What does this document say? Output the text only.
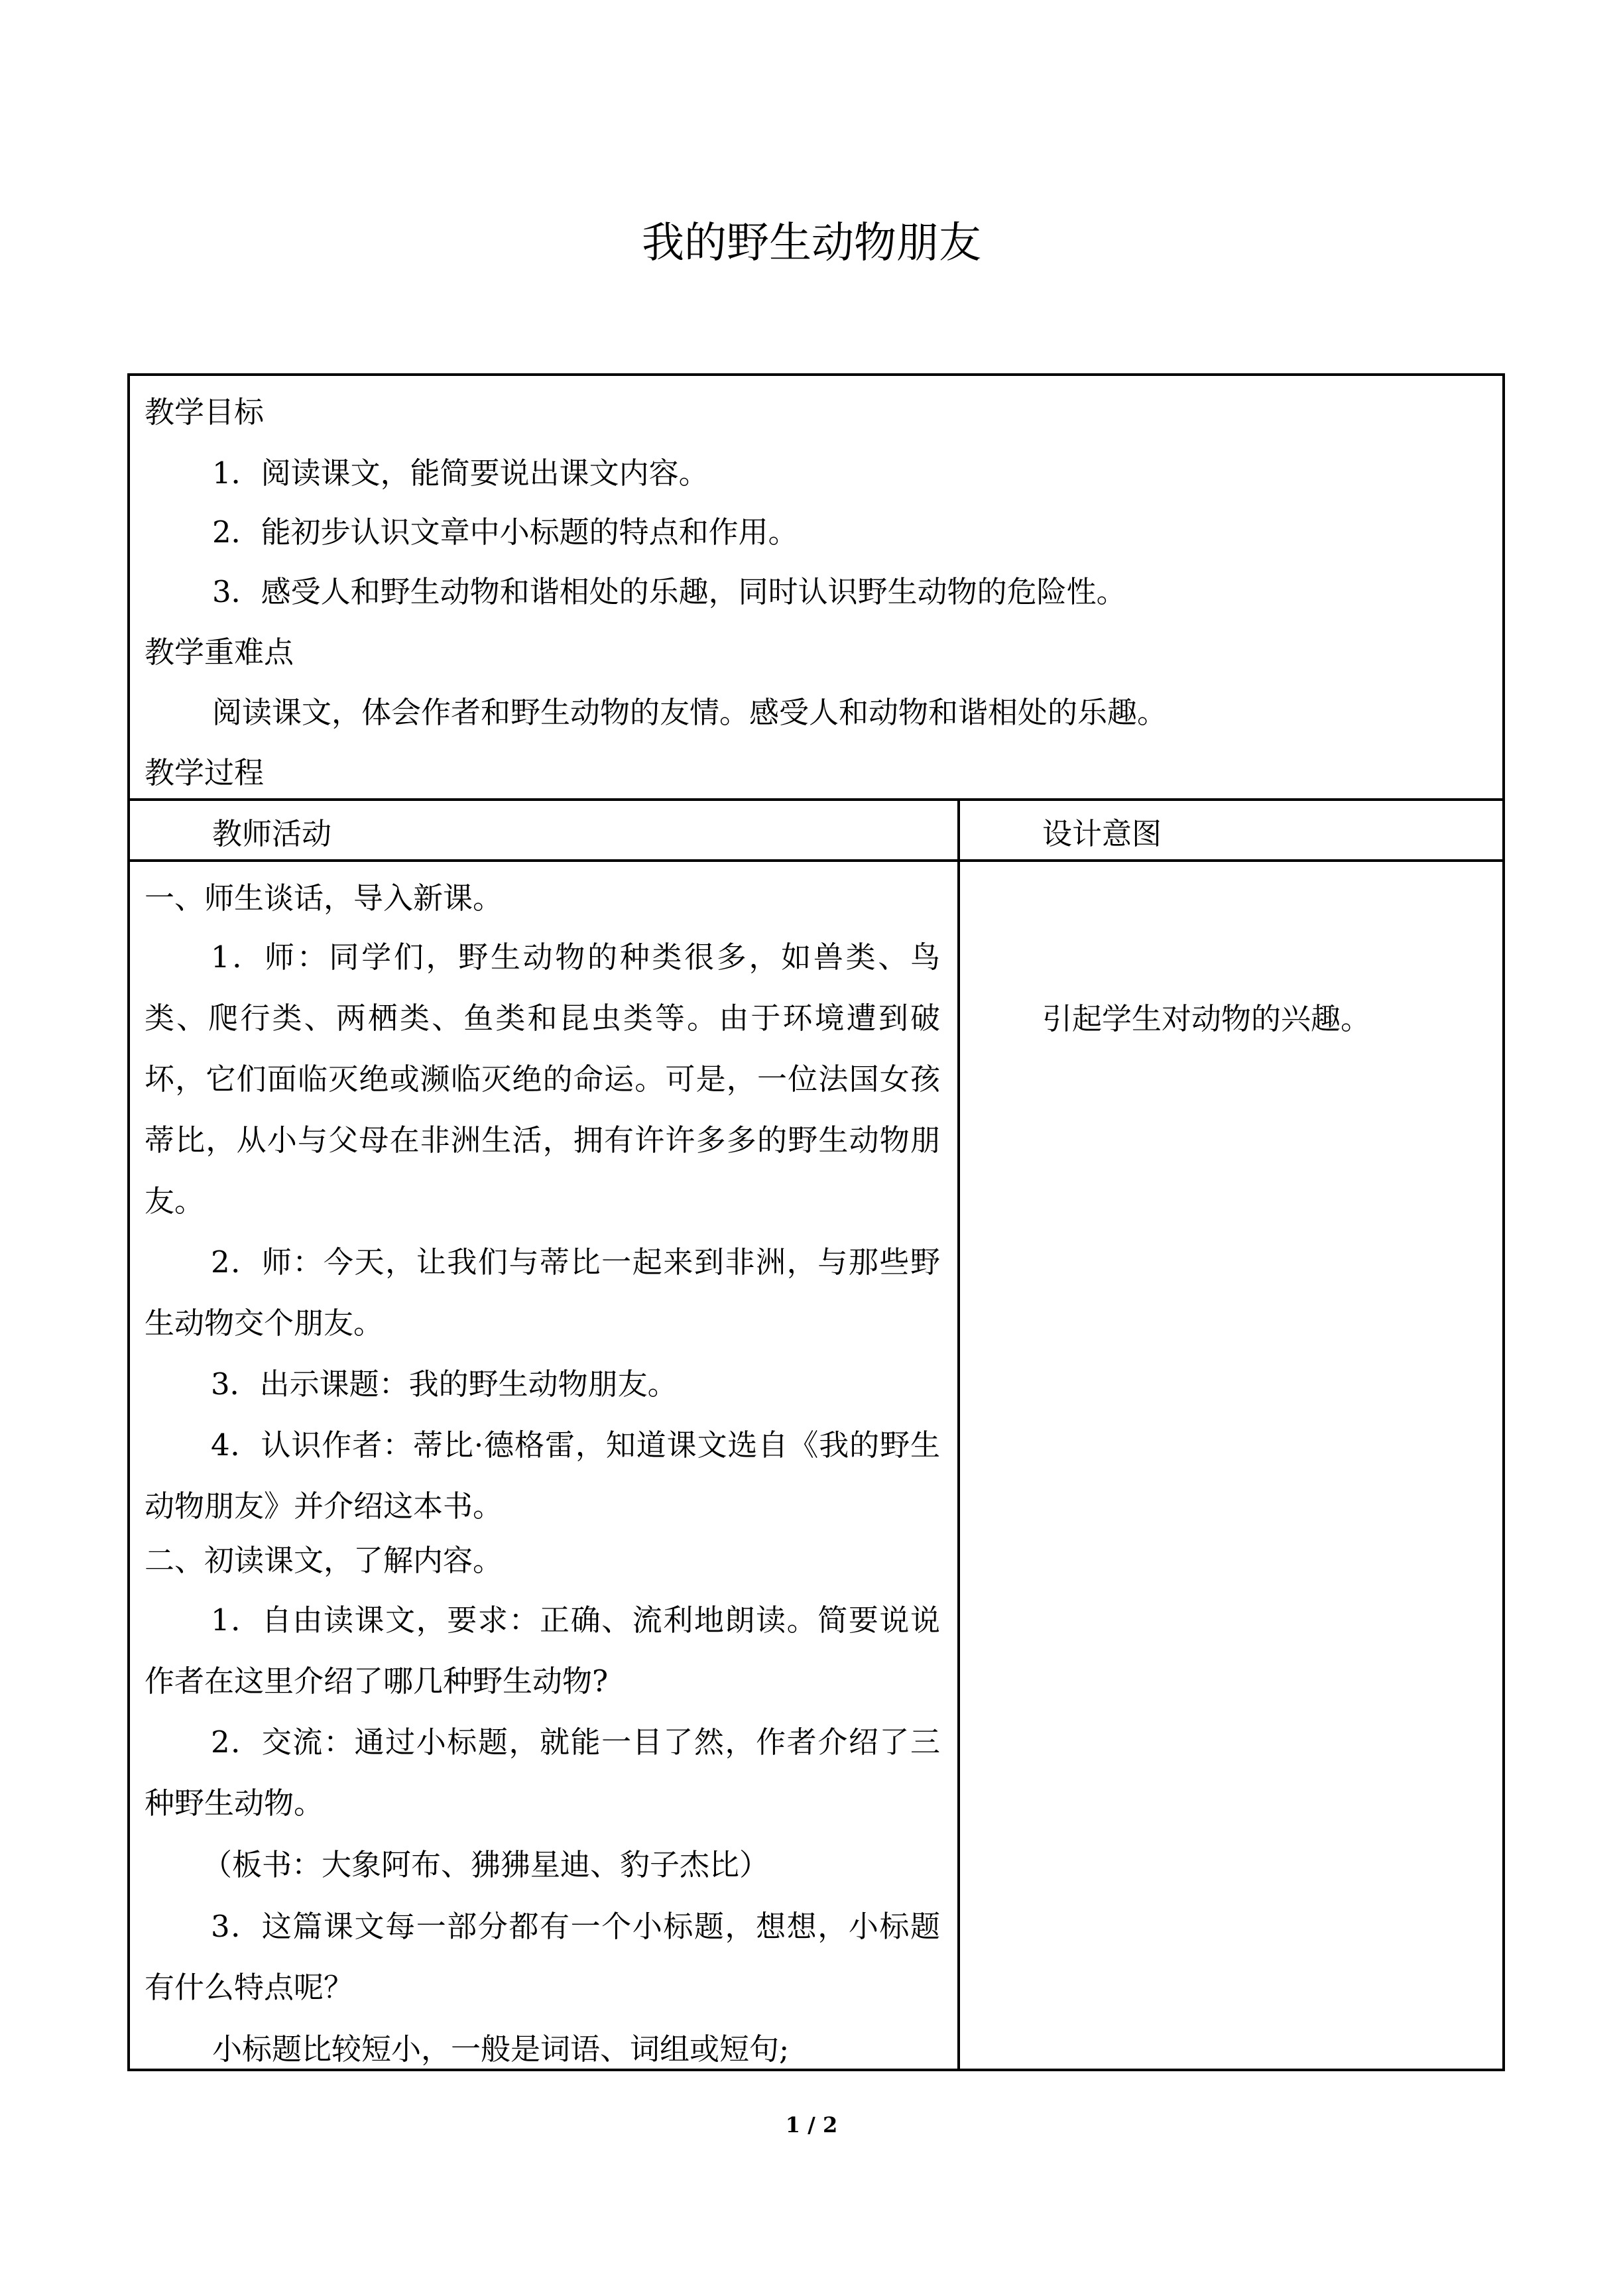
我的野生动物朋友
教学目标
1．阅读课文，能简要说出课文内容。
2．能初步认识文章中小标题的特点和作用。
3．感受人和野生动物和谐相处的乐趣，同时认识野生动物的危险性。
教学重难点
阅读课文，体会作者和野生动物的友情。感受人和动物和谐相处的乐趣。
教学过程
教师活动	设计意图
引起学生对动物的兴趣。
一、师生谈话，导入新课。
1．师：同学们，野生动物的种类很多，如兽类、鸟类、爬行类、两栖类、鱼类和昆虫类等。由于环境遭到破坏，它们面临灭绝或濒临灭绝的命运。可是，一位法国女孩蒂比，从小与父母在非洲生活，拥有许许多多的野生动物朋友。
2．师：今天，让我们与蒂比一起来到非洲，与那些野生动物交个朋友。
3．出示课题：我的野生动物朋友。
4．认识作者：蒂比·德格雷，知道课文选自《我的野生动物朋友》并介绍这本书。
二、初读课文，了解内容。
1．自由读课文，要求：正确、流利地朗读。简要说说作者在这里介绍了哪几种野生动物?
2．交流：通过小标题，就能一目了然，作者介绍了三种野生动物。
（板书：大象阿布、狒狒星迪、豹子杰比）
3．这篇课文每一部分都有一个小标题，想想，小标题有什么特点呢？
小标题比较短小，一般是词语、词组或短句;
1 / 2
